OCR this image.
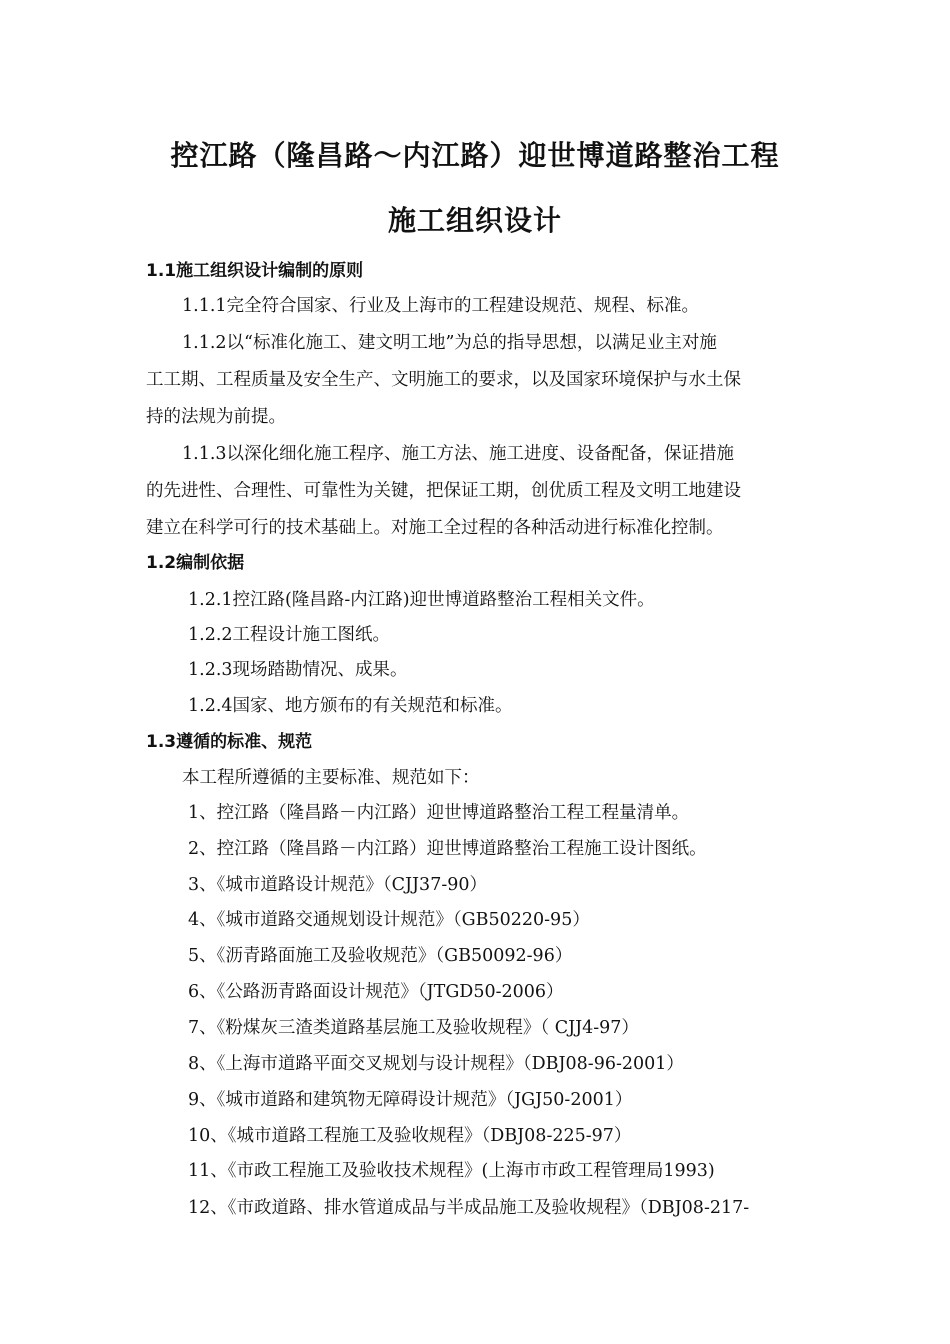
控江路（隆昌路～内江路）迎世博道路整治工程
施工组织设计
1.1施工组织设计编制的原则
1.1.1完全符合国家、行业及上海市的工程建设规范、规程、标准。
1.1.2以“标准化施工、建文明工地”为总的指导思想，以满足业主对施
工工期、工程质量及安全生产、文明施工的要求，以及国家环境保护与水土保
持的法规为前提。
1.1.3以深化细化施工程序、施工方法、施工进度、设备配备，保证措施
的先进性、合理性、可靠性为关键，把保证工期，创优质工程及文明工地建设
建立在科学可行的技术基础上。对施工全过程的各种活动进行标准化控制。
1.2编制依据
1.2.1控江路(隆昌路-内江路)迎世博道路整治工程相关文件。
1.2.2工程设计施工图纸。
1.2.3现场踏勘情况、成果。
1.2.4国家、地方颁布的有关规范和标准。
1.3遵循的标准、规范
本工程所遵循的主要标准、规范如下：
1、控江路（隆昌路－内江路）迎世博道路整治工程工程量清单。
2、控江路（隆昌路－内江路）迎世博道路整治工程施工设计图纸。
3、《城市道路设计规范》（CJJ37-90）
4、《城市道路交通规划设计规范》（GB50220-95）
5、《沥青路面施工及验收规范》（GB50092-96）
6、《公路沥青路面设计规范》（JTGD50-2006）
7、《粉煤灰三渣类道路基层施工及验收规程》（ CJJ4-97）
8、《上海市道路平面交叉规划与设计规程》（DBJ08-96-2001）
9、《城市道路和建筑物无障碍设计规范》（JGJ50-2001）
10、《城市道路工程施工及验收规程》（DBJ08-225-97）
11、《市政工程施工及验收技术规程》(上海市市政工程管理局1993)
12、《市政道路、排水管道成品与半成品施工及验收规程》（DBJ08-217-
